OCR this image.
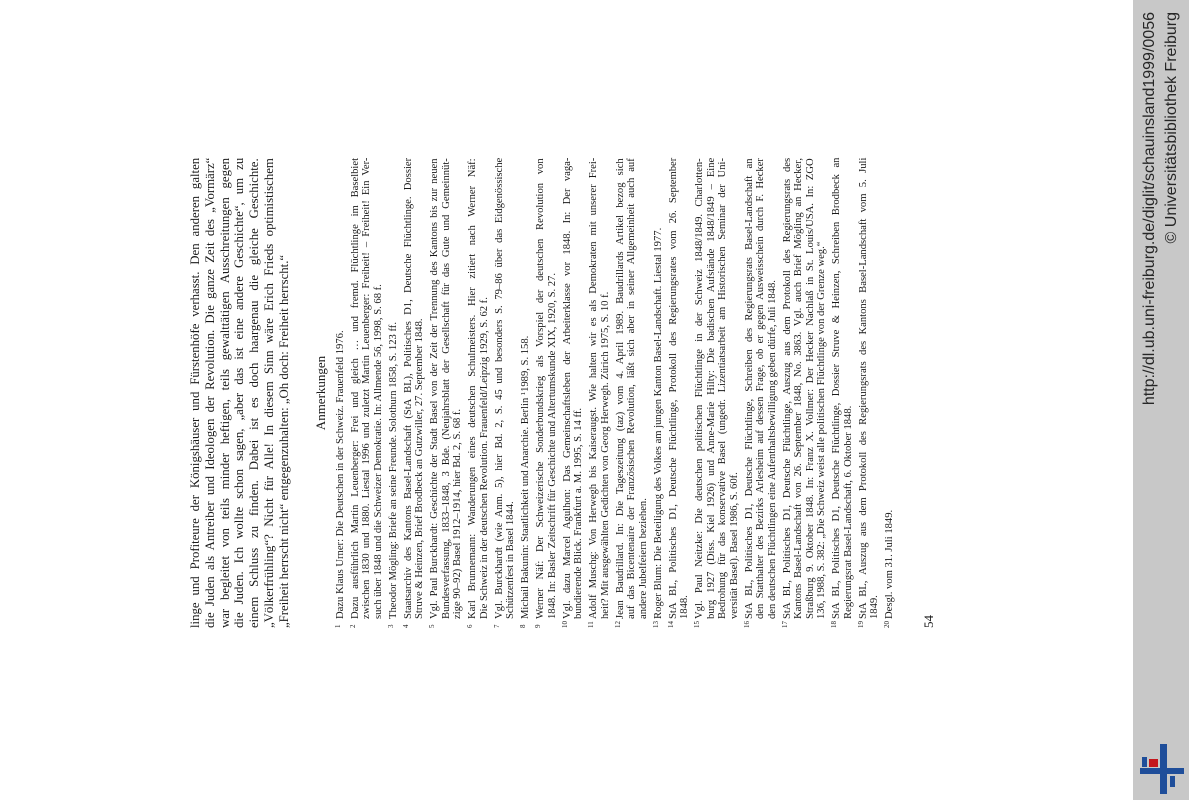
linge und Profiteure der Königshäuser und Fürstenhöfe verhasst. Den anderen galten die Juden als Antreiber und Ideologen der Revolution. Die ganze Zeit des „Vormärz“ war begleitet von teils minder heftigen, teils gewalttätigen Ausschreitungen gegen die Juden. Ich wollte schon sagen, „aber das ist eine andere Geschichte“, um zu einem Schluss zu finden. Dabei ist es doch haargenau die gleiche Geschichte. „Völkerfrühling“? Nicht für Alle! In diesem Sinn wäre Erich Frieds optimistischem „Freiheit herrscht nicht“ entgegenzuhalten: „Oh doch: Freiheit herrscht.“ Anmerkungen
1
Dazu Klaus Urner: Die Deutschen in der Schweiz. Frauenfeld 1976.
2
Dazu ausführlich Martin Leuenberger: Frei und gleich … und fremd. Flüchtlinge im Baselbiet zwischen 1830 und 1880. Liestal 1996 und zuletzt Martin Leuenberger: Freiheit! – Freiheit! Ein Ver- such über 1848 und die Schweizer Demokratie. In: Allmende 56, 1998, S. 68 f.
3
Theodor Mögling: Briefe an seine Freunde. Solothurn 1858, S. 123 ff.
4
Staatsarchiv des Kantons Basel-Landschaft (StA BL), Politisches D1, Deutsche Flüchtlinge. Dossier Struve & Heinzen, Brief Brodbeck an Gutzwiller, 27. September 1848.
5
Vgl. Paul Burckhardt: Geschichte der Stadt Basel von der Zeit der Trennung des Kantons bis zur neuen Bundesverfassung, 1833–1848, 3 Bde. (Neujahrsblatt der Gesellschaft für das Gute und Gemeinnüt- zige 90–92) Basel 1912–1914, hier Bd. 2, S. 68 f.
6
Karl Brunnemann: Wanderungen eines deutschen Schulmeisters. Hier zitiert nach Werner Näf: Die Schweiz in der deutschen Revolution. Frauenfeld/Leipzig 1929, S. 62 f.
7
Vgl. Burckhardt (wie Anm. 5), hier Bd. 2, S. 45 und besonders S. 79–86 über das Eidgenössische Schützenfest in Basel 1844.
8
Michail Bakunin: Staatlichkeit und Anarchie. Berlin ¹1989, S. 158.
9
Werner Näf: Der Schweizerische Sonderbundskrieg als Vorspiel der deutschen Revolution von 1848. In: Basler Zeitschrift für Geschichte und Altertumskunde XIX, 1920, S. 27.
10
Vgl. dazu Marcel Agulhon: Das Gemeinschaftsleben der Arbeiterklasse vor 1848. In: Der vaga- bundierende Blick. Frankfurt a. M. 1995, S. 14 ff.
11
Adolf Muschg: Von Herwegh bis Kaiseraugst. Wie halten wir es als Demokraten mit unserer Frei- heit? Mit ausgewählten Gedichten von Georg Herwegh. Zürich 1975, S. 10 f.
12
Jean Baudrillard. In: Die Tageszeitung (taz) vom 4. April 1989. Baudrillards Artikel bezog sich auf das Bicentenaire der Französischen Revolution, läßt sich aber in seiner Allgemeinheit auch auf andere Jubelfeiern beziehen.
13
Roger Blum: Die Beteiligung des Volkes am jungen Kanton Basel-Landschaft. Liestal 1977.
14
StA BL, Politisches D1, Deutsche Flüchtlinge, Protokoll des Regierungsrates vom 26. September 1848.
15
Vgl. Paul Neitzke: Die deutschen politischen Flüchtlinge in der Schweiz 1848/1849. Charlotten- burg 1927 (Diss. Kiel 1926) und Anne-Marie Hilty: Die badischen Aufstände 1848/1849 – Eine Bedrohung für das konservative Basel (ungedr. Lizentiatsarbeit am Historischen Seminar der Uni- versität Basel). Basel 1986, S. 60f.
16
StA BL, Politisches D1, Deutsche Flüchtlinge, Schreiben des Regierungsrats Basel-Landschaft an den Statthalter des Bezirks Arlesheim auf dessen Frage, ob er gegen Ausweisschein durch F. Hecker den deutschen Flüchtlingen eine Aufenthaltsbewilligung geben dürfe, Juli 1848.
17
StA BL, Politisches D1, Deutsche Flüchtlinge, Auszug aus dem Protokoll des Regierungsrats des Kantons Basel-Landschaft von 26. September 1848, No. 3863. Vgl. auch Brief Mögling an Hecker, Straßburg 9. Oktober 1848. In: Franz X. Vollmer: Der Hecker Nachlaß in St. Louis/USA. In: ZGO 136, 1988, S. 382: „Die Schweiz weist alle politischen Flüchtlinge von der Grenze weg.“
18
StA BL, Politisches D1, Deutsche Flüchtlinge, Dossier Struve & Heinzen, Schreiben Brodbeck an Regierungsrat Basel-Landschaft, 6. Oktober 1848.
19
StA BL, Auszug aus dem Protokoll des Regierungsrats des Kantons Basel-Landschaft vom 5. Juli 1849.
20
Desgl. vom 31. Juli 1849.
54
http://dl.ub.uni-freiburg.de/diglit/schauinsland1999/0056 © Universitätsbibliothek Freiburg
